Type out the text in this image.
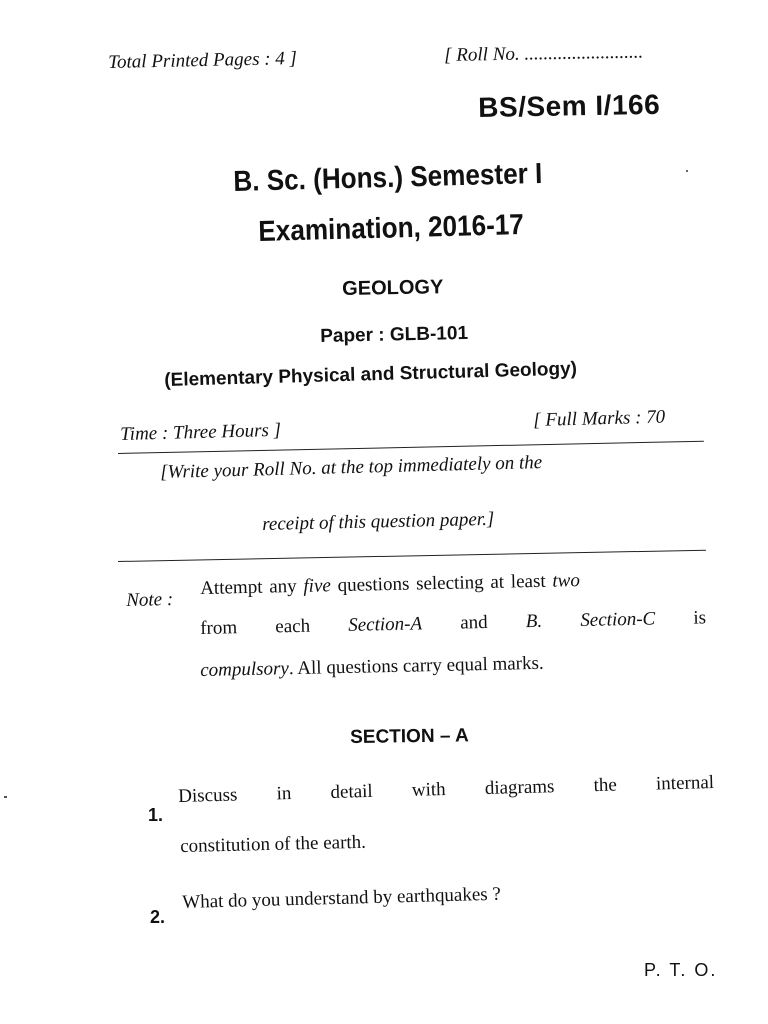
Total Printed Pages : 4 ]	[ Roll No. .........................
BS/Sem I/166
B. Sc. (Hons.) Semester I
Examination, 2016-17
GEOLOGY
Paper : GLB-101
(Elementary Physical and Structural Geology)
Time : Three Hours ]
[ Full Marks : 70
[Write your Roll No. at the top immediately on the
receipt of this question paper.]
Note :
Attempt any five questions selecting at least two
from each Section-A and B. Section-C is
compulsory. All questions carry equal marks.
SECTION – A
1.
Discuss in detail with diagrams the internal
constitution of the earth.
2.
What do you understand by earthquakes ?
P. T. O.
